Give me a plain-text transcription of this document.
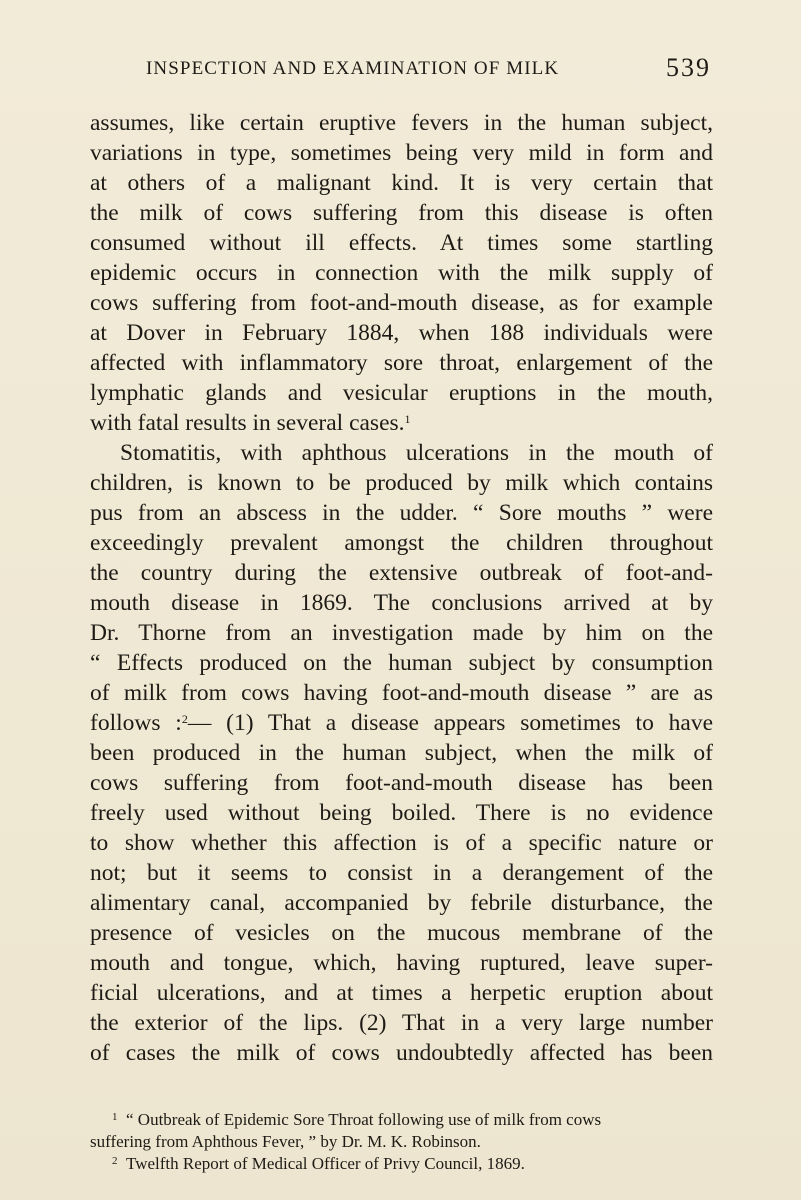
INSPECTION AND EXAMINATION OF MILK	539
assumes, like certain eruptive fevers in the human subject,
variations in type, sometimes being very mild in form and
at others of a malignant kind. It is very certain that
the milk of cows suffering from this disease is often
consumed without ill effects. At times some startling
epidemic occurs in connection with the milk supply of
cows suffering from foot-and-mouth disease, as for example
at Dover in February 1884, when 188 individuals were
affected with inflammatory sore throat, enlargement of the
lymphatic glands and vesicular eruptions in the mouth,
with fatal results in several cases.$^1$
Stomatitis, with aphthous ulcerations in the mouth of
children, is known to be produced by milk which contains
pus from an abscess in the udder. “ Sore mouths ” were
exceedingly prevalent amongst the children throughout
the country during the extensive outbreak of foot-and-
mouth disease in 1869. The conclusions arrived at by
Dr. Thorne from an investigation made by him on the
“ Effects produced on the human subject by consumption
of milk from cows having foot-and-mouth disease ” are as
follows :$^2$— (1) That a disease appears sometimes to have
been produced in the human subject, when the milk of
cows suffering from foot-and-mouth disease has been
freely used without being boiled. There is no evidence
to show whether this affection is of a specific nature or
not; but it seems to consist in a derangement of the
alimentary canal, accompanied by febrile disturbance, the
presence of vesicles on the mucous membrane of the
mouth and tongue, which, having ruptured, leave super-
ficial ulcerations, and at times a herpetic eruption about
the exterior of the lips. (2) That in a very large number
of cases the milk of cows undoubtedly affected has been
$^1$ “ Outbreak of Epidemic Sore Throat following use of milk from cows
suffering from Aphthous Fever, ” by Dr. M. K. Robinson.
$^2$ Twelfth Report of Medical Officer of Privy Council, 1869.
